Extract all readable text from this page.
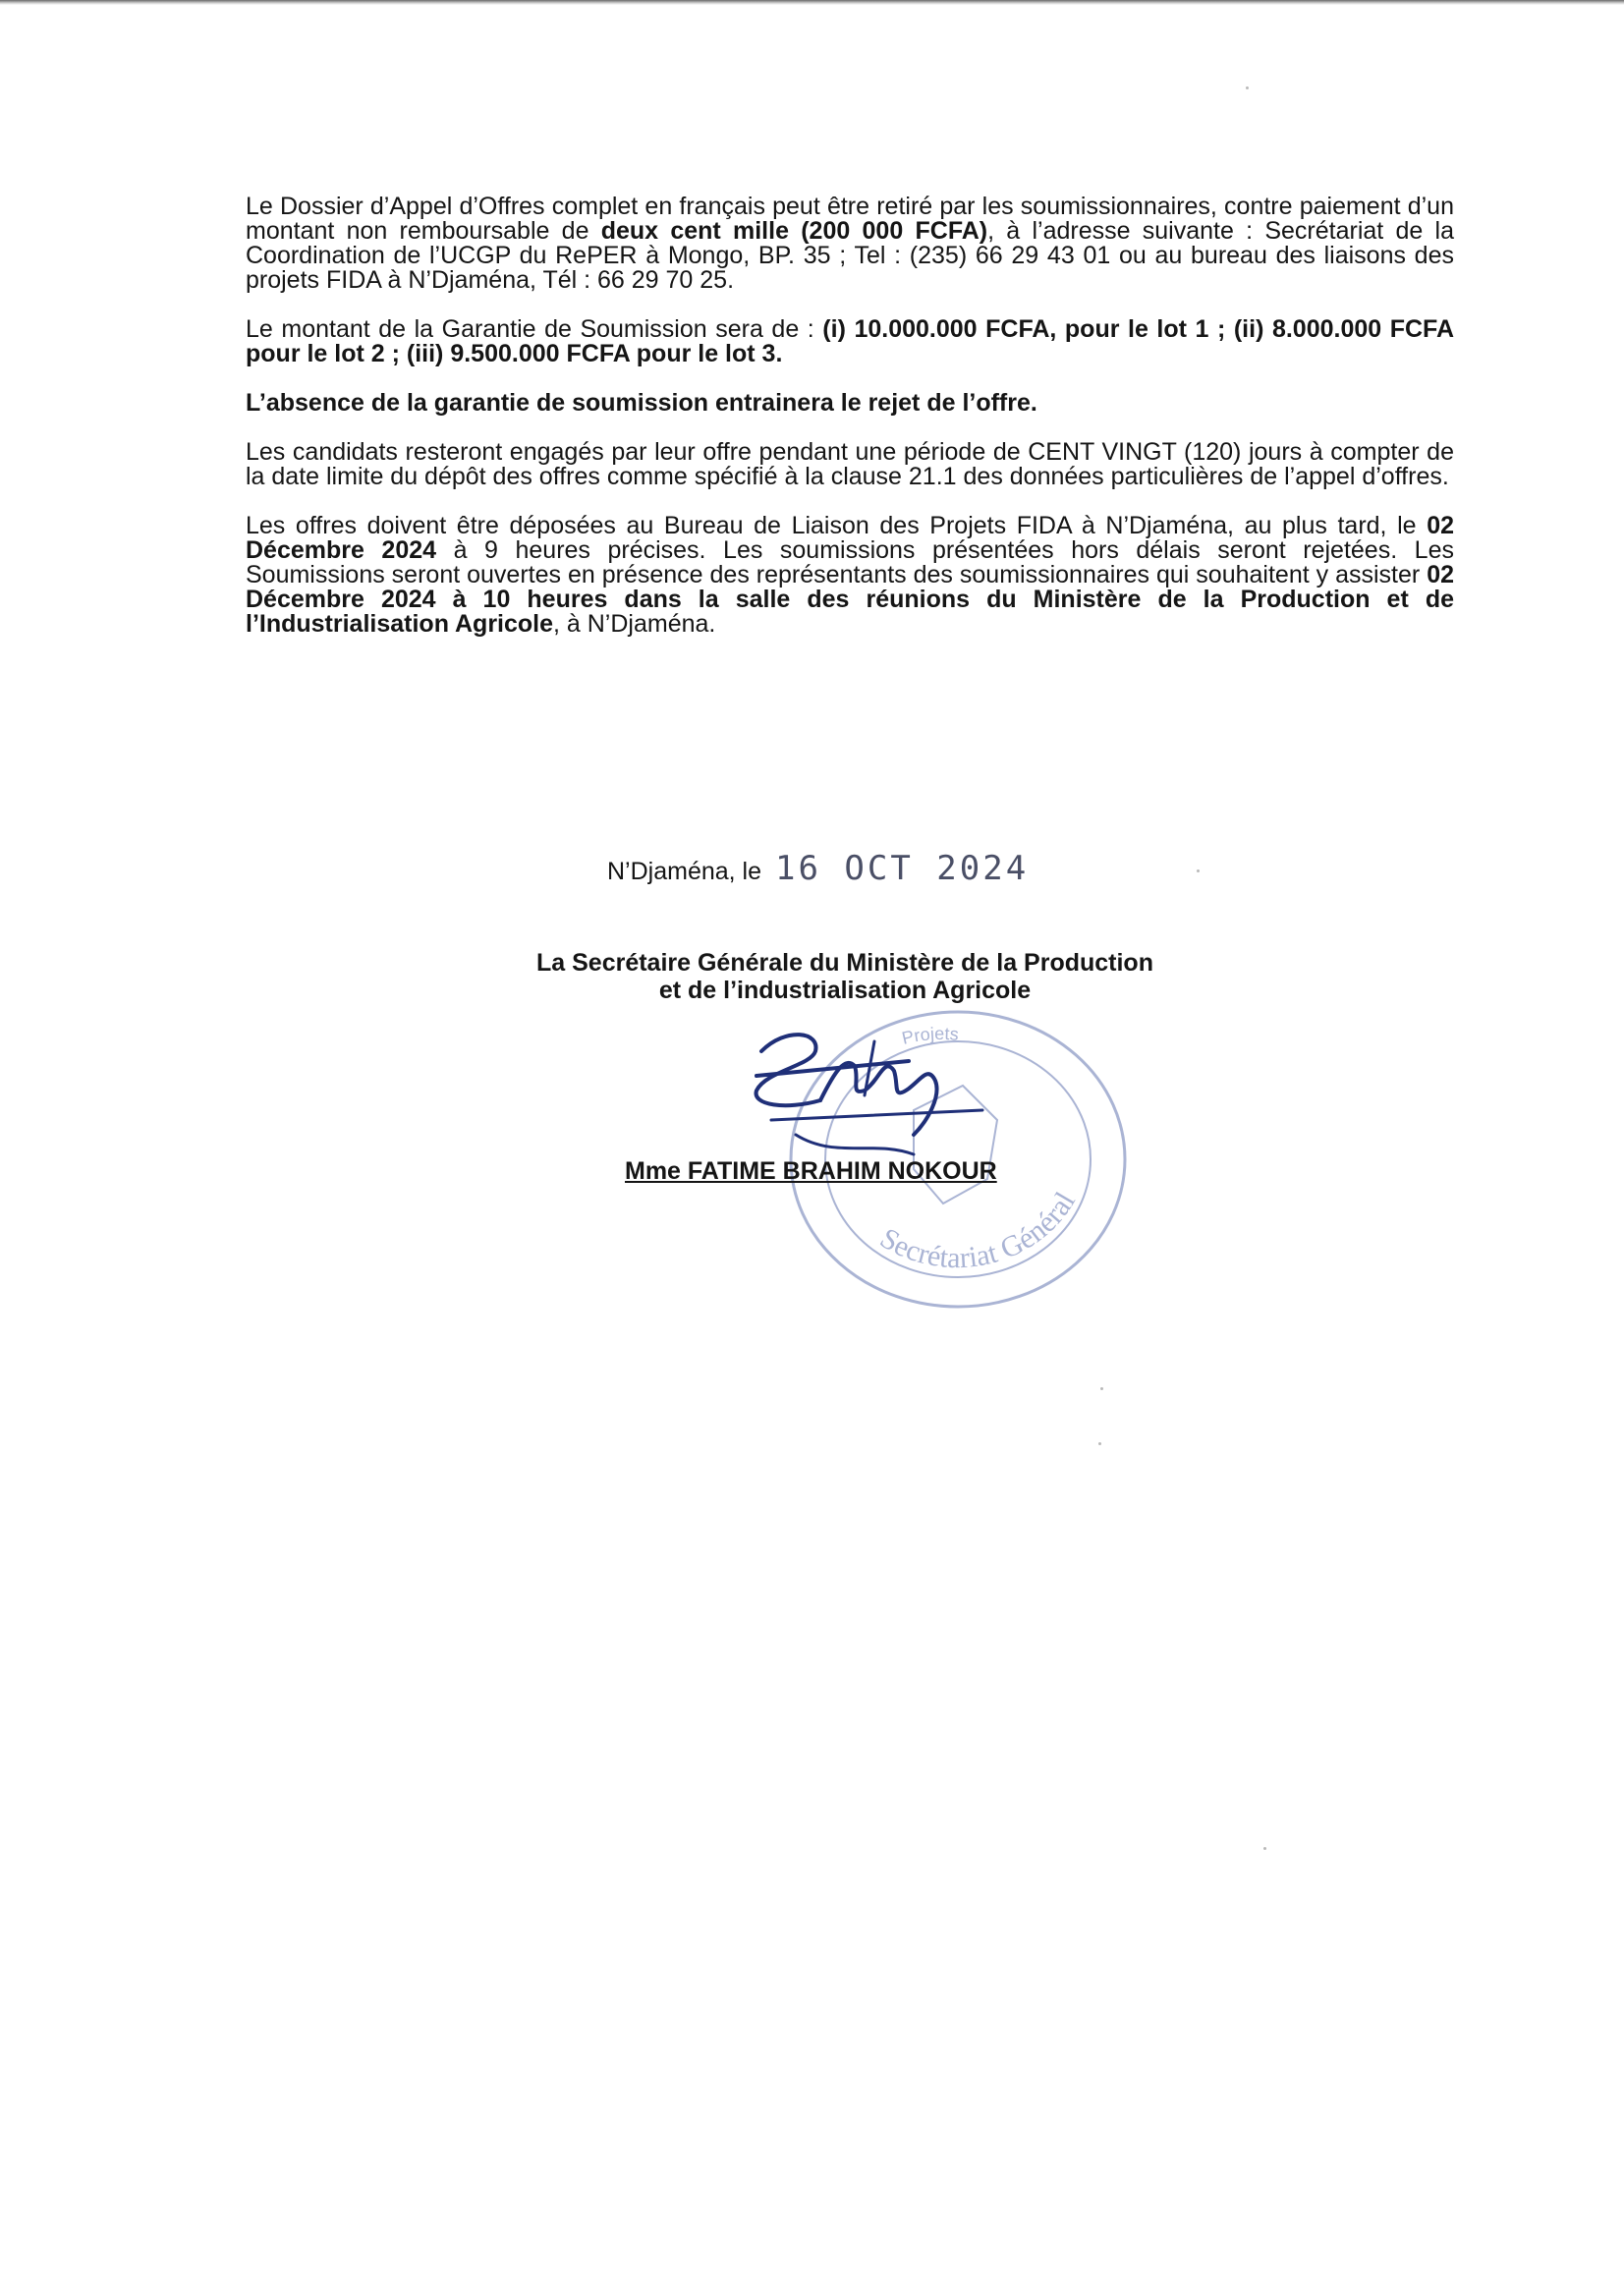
Le Dossier d’Appel d’Offres complet en français peut être retiré par les soumissionnaires, contre paiement d’un montant non remboursable de deux cent mille (200 000 FCFA), à l’adresse suivante : Secrétariat de la Coordination de l’UCGP du RePER à Mongo, BP. 35 ; Tel : (235) 66 29 43 01 ou au bureau des liaisons des projets FIDA à N’Djaména, Tél : 66 29 70 25.

Le montant de la Garantie de Soumission sera de : (i) 10.000.000 FCFA, pour le lot 1 ; (ii) 8.000.000 FCFA pour le lot 2 ; (iii) 9.500.000 FCFA pour le lot 3.

L’absence de la garantie de soumission entrainera le rejet de l’offre.

Les candidats resteront engagés par leur offre pendant une période de CENT VINGT (120) jours à compter de la date limite du dépôt des offres comme spécifié à la clause 21.1 des données particulières de l’appel d’offres.

Les offres doivent être déposées au Bureau de Liaison des Projets FIDA à N’Djaména, au plus tard, le 02 Décembre 2024 à 9 heures précises. Les soumissions présentées hors délais seront rejetées. Les Soumissions seront ouvertes en présence des représentants des soumissionnaires qui souhaitent y assister 02 Décembre 2024 à 10 heures dans la salle des réunions du Ministère de la Production et de l’Industrialisation Agricole, à N’Djaména.

N’Djaména, le 16 OCT 2024
La Secrétaire Générale du Ministère de la Production
et de l’industrialisation Agricole
Secrétariat Général
Projets
Mme FATIME BRAHIM NOKOUR
